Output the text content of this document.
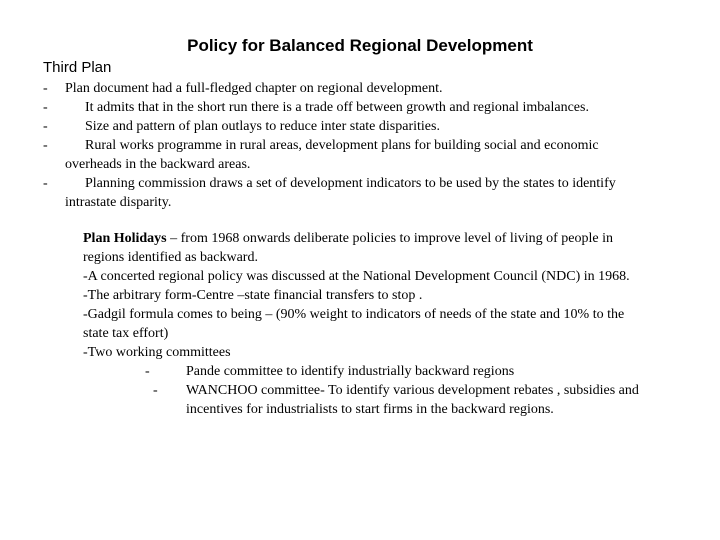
Policy for Balanced Regional Development
Third Plan
- Plan document had a full-fledged chapter on regional development.
-	It admits that in the short run there is a trade off between growth and regional imbalances.
-	Size and pattern of plan outlays to reduce inter state disparities.
-	Rural works programme in rural areas, development plans for building social and economic
overheads in the backward areas.
-	Planning commission draws a set of development indicators to be used by the states to identify
intrastate disparity.

Plan Holidays – from 1968 onwards deliberate policies to improve level of living of people in

regions identified as backward.

-A concerted regional policy was discussed at the National Development Council (NDC) in 1968.

-The arbitrary form-Centre –state financial transfers to stop .

-Gadgil formula comes to being – (90% weight to indicators of needs of the state and 10% to the

state tax effort)

-Two working committees

-	Pande committee to identify industrially backward regions
- WANCHOO committee- To identify various development rebates , subsidies and
incentives for industrialists to start firms in the backward regions.
